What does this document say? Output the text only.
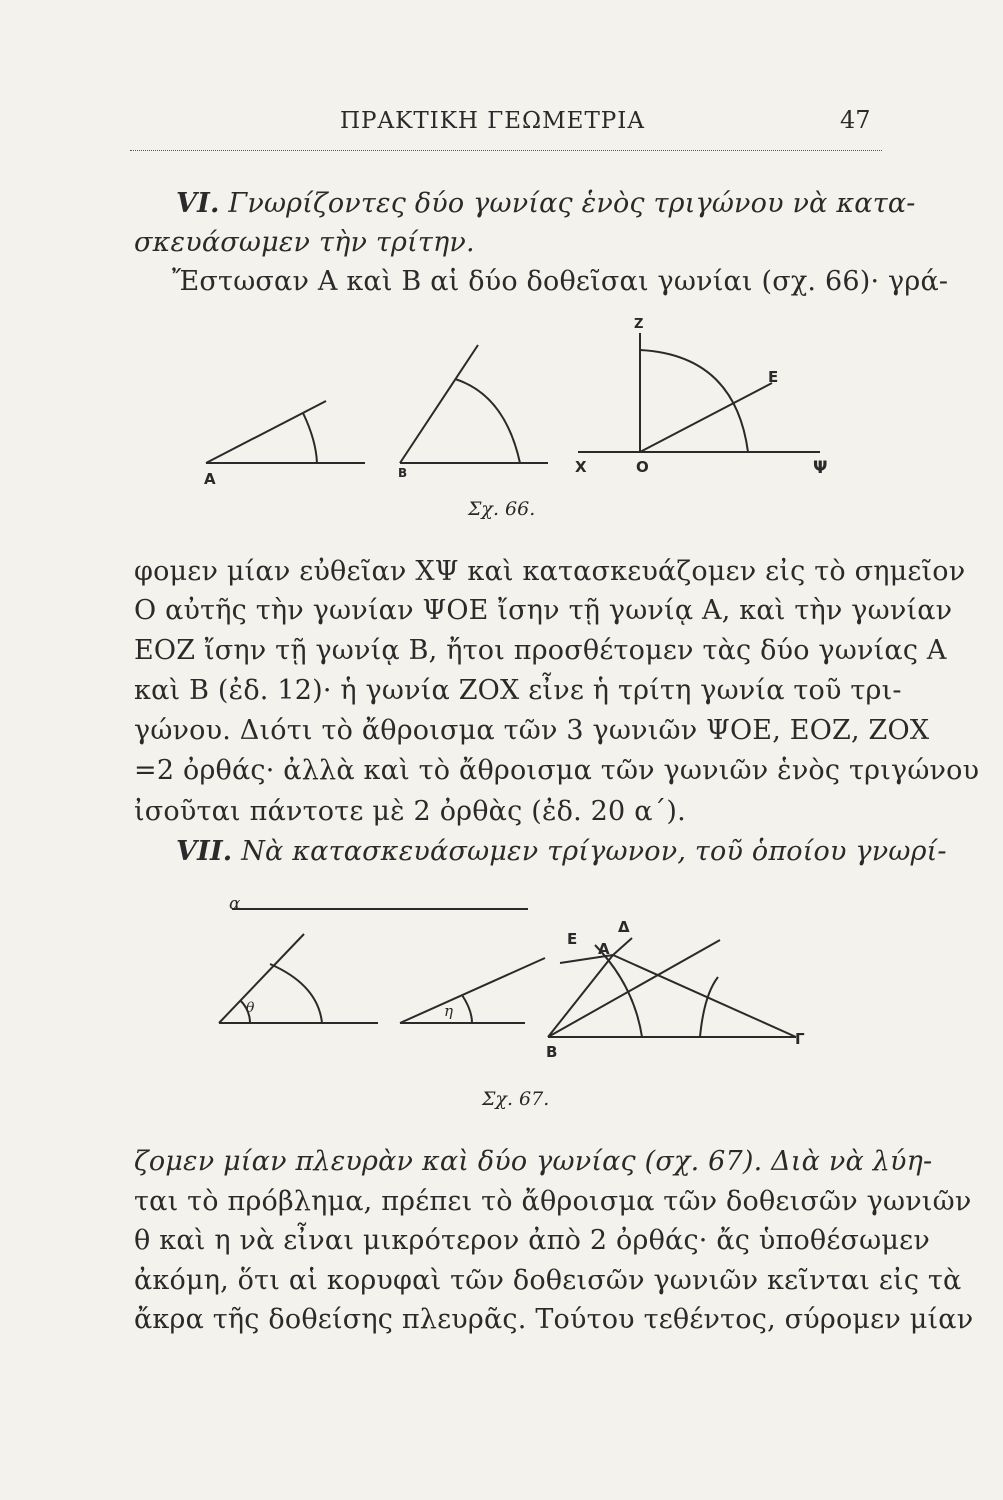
ΠΡΑΚΤΙΚΗ ΓΕΩΜΕΤΡΙΑ	47
VI. Γνωρίζοντες δύο γωνίας ἑνὸς τριγώνου νὰ κατα-
σκευάσωμεν τὴν τρίτην.
Ἔστωσαν Α καὶ Β αἱ δύο δοθεῖσαι γωνίαι (σχ. 66)· γρά-
A	B
Z
E
X	O	Ψ
Σχ. 66.
φομεν μίαν εὐθεῖαν ΧΨ καὶ κατασκευάζομεν εἰς τὸ σημεῖον
Ο αὐτῆς τὴν γωνίαν ΨΟΕ ἴσην τῇ γωνίᾳ Α, καὶ τὴν γωνίαν
ΕΟΖ ἴσην τῇ γωνίᾳ Β, ἤτοι προσθέτομεν τὰς δύο γωνίας Α
καὶ Β (ἐδ. 12)· ἡ γωνία ΖΟΧ εἶνε ἡ τρίτη γωνία τοῦ τρι-
γώνου. Διότι τὸ ἄθροισμα τῶν 3 γωνιῶν ΨΟΕ, ΕΟΖ, ΖΟΧ
=2 ὀρθάς· ἀλλὰ καὶ τὸ ἄθροισμα τῶν γωνιῶν ἑνὸς τριγώνου
ἰσοῦται πάντοτε μὲ 2 ὀρθὰς (ἐδ. 20 α΄).
VII. Νὰ κατασκευάσωμεν τρίγωνον, τοῦ ὁποίου γνωρί-
α
θ	η
E
A
Δ
B
Γ
Σχ. 67.
ζομεν μίαν πλευρὰν καὶ δύο γωνίας (σχ. 67). Διὰ νὰ λύη-
ται τὸ πρόβλημα, πρέπει τὸ ἄθροισμα τῶν δοθεισῶν γωνιῶν
θ καὶ η νὰ εἶναι μικρότερον ἀπὸ 2 ὀρθάς· ἄς ὑποθέσωμεν
ἀκόμη, ὅτι αἱ κορυφαὶ τῶν δοθεισῶν γωνιῶν κεῖνται εἰς τὰ
ἄκρα τῆς δοθείσης πλευρᾶς. Τούτου τεθέντος, σύρομεν μίαν
